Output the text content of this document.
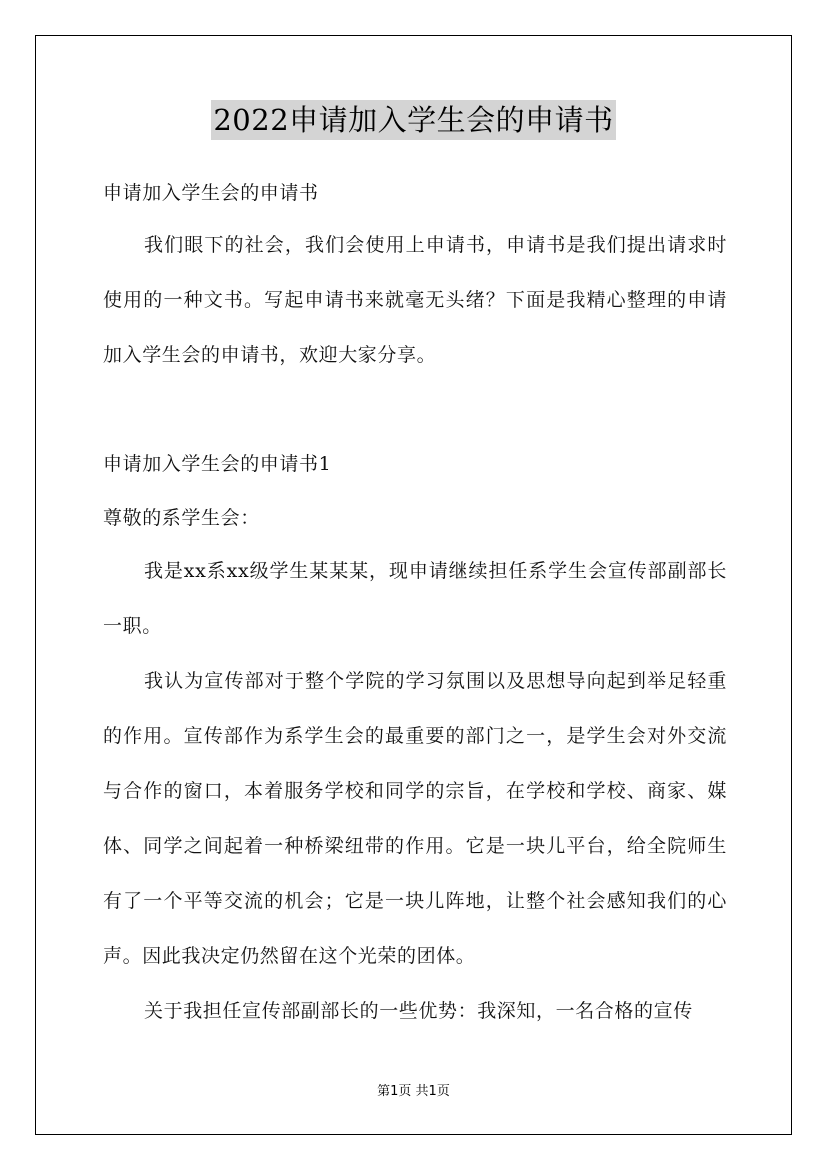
2022申请加入学生会的申请书
申请加入学生会的申请书

我们眼下的社会，我们会使用上申请书，申请书是我们提出请求时使用的一种文书。写起申请书来就毫无头绪？下面是我精心整理的申请加入学生会的申请书，欢迎大家分享。

申请加入学生会的申请书1
尊敬的系学生会：

我是xx系xx级学生某某某，现申请继续担任系学生会宣传部副部长一职。

我认为宣传部对于整个学院的学习氛围以及思想导向起到举足轻重的作用。宣传部作为系学生会的最重要的部门之一，是学生会对外交流与合作的窗口，本着服务学校和同学的宗旨，在学校和学校、商家、媒体、同学之间起着一种桥梁纽带的作用。它是一块儿平台，给全院师生有了一个平等交流的机会；它是一块儿阵地，让整个社会感知我们的心声。因此我决定仍然留在这个光荣的团体。

关于我担任宣传部副部长的一些优势：我深知，一名合格的宣传

第1页 共1页
